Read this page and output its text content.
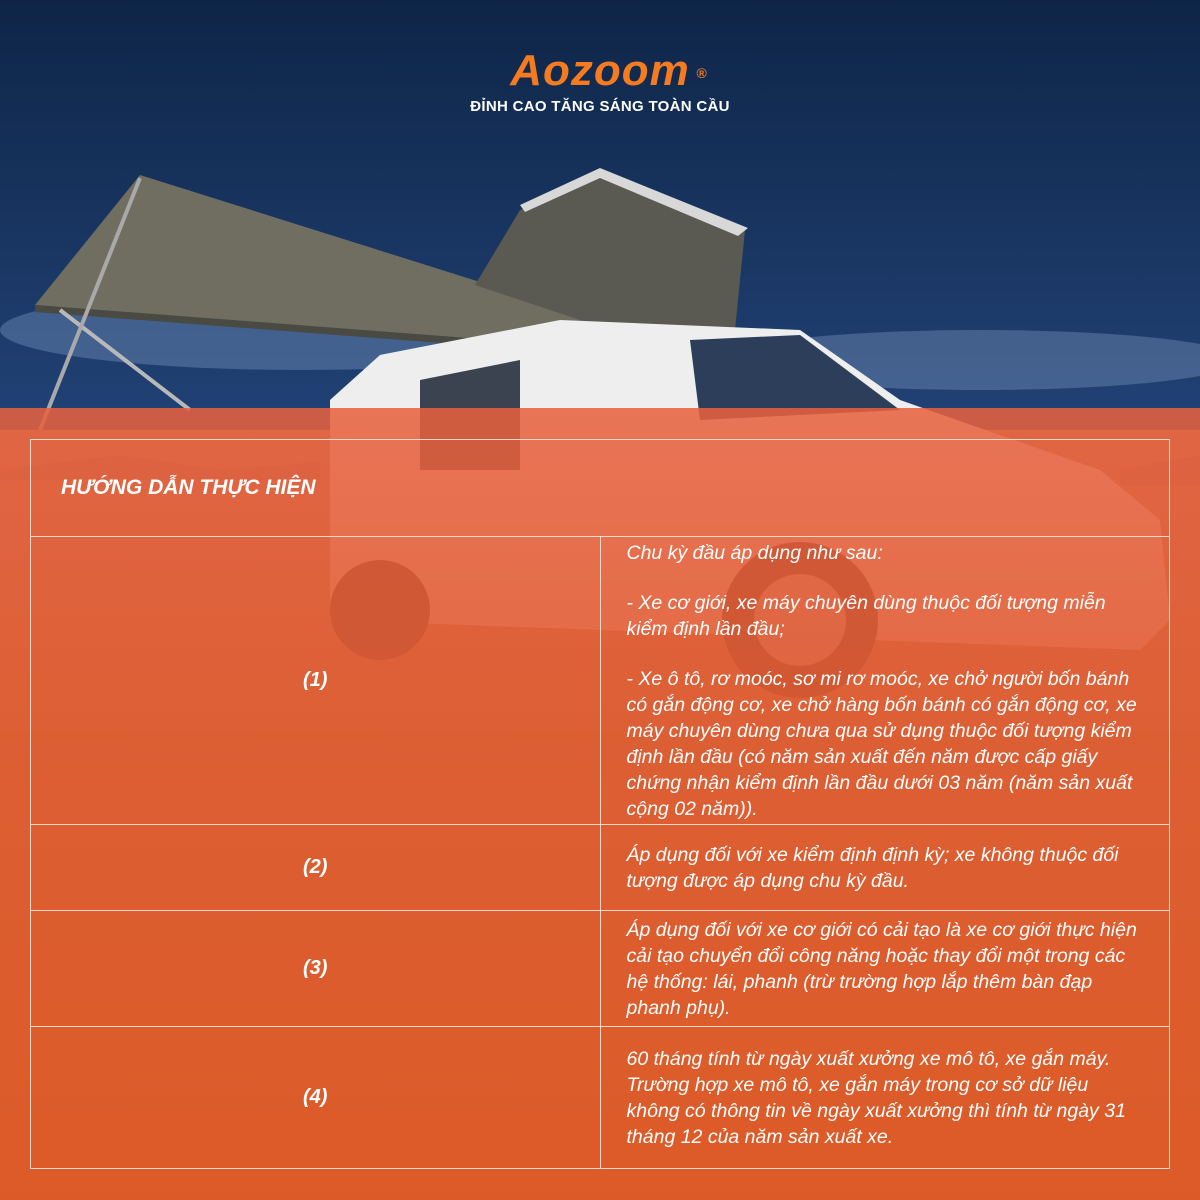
Aozoom ®
ĐỈNH CAO TĂNG SÁNG TOÀN CẦU
HƯỚNG DẪN THỰC HIỆN	
(1)	Chu kỳ đầu áp dụng như sau:

- Xe cơ giới, xe máy chuyên dùng thuộc đối tượng miễn kiểm định lần đầu;

- Xe ô tô, rơ moóc, sơ mi rơ moóc, xe chở người bốn bánh có gắn động cơ, xe chở hàng bốn bánh có gắn động cơ, xe máy chuyên dùng chưa qua sử dụng thuộc đối tượng kiểm định lần đầu (có năm sản xuất đến năm được cấp giấy chứng nhận kiểm định lần đầu dưới 03 năm (năm sản xuất cộng 02 năm)).

(2)	Áp dụng đối với xe kiểm định định kỳ; xe không thuộc đối tượng được áp dụng chu kỳ đầu.

(3)	Áp dụng đối với xe cơ giới có cải tạo là xe cơ giới thực hiện cải tạo chuyển đổi công năng hoặc thay đổi một trong các hệ thống: lái, phanh (trừ trường hợp lắp thêm bàn đạp phanh phụ).

(4)	60 tháng tính từ ngày xuất xưởng xe mô tô, xe gắn máy. Trường hợp xe mô tô, xe gắn máy trong cơ sở dữ liệu không có thông tin về ngày xuất xưởng thì tính từ ngày 31 tháng 12 của năm sản xuất xe.
